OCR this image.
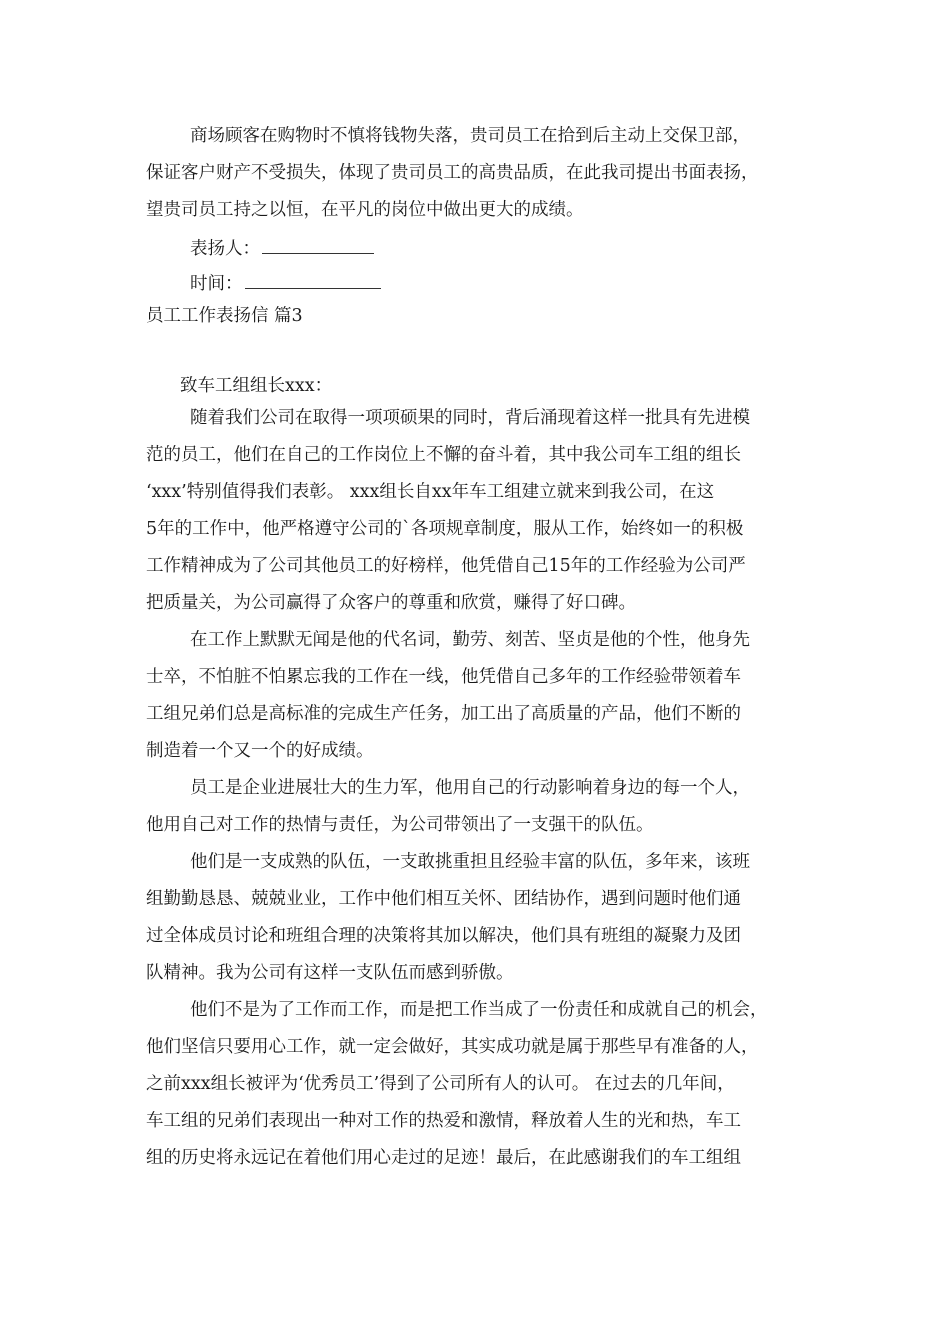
商场顾客在购物时不慎将钱物失落，贵司员工在拾到后主动上交保卫部，
保证客户财产不受损失，体现了贵司员工的高贵品质，在此我司提出书面表扬，
望贵司员工持之以恒，在平凡的岗位中做出更大的成绩。
表扬人：
时间：
员工工作表扬信 篇3
致车工组组长xxx：
随着我们公司在取得一项项硕果的同时，背后涌现着这样一批具有先进模
范的员工，他们在自己的工作岗位上不懈的奋斗着，其中我公司车工组的组长
‘xxx’特别值得我们表彰。 xxx组长自xx年车工组建立就来到我公司，在这
5年的工作中，他严格遵守公司的`各项规章制度，服从工作，始终如一的积极
工作精神成为了公司其他员工的好榜样，他凭借自己15年的工作经验为公司严
把质量关，为公司赢得了众客户的尊重和欣赏，赚得了好口碑。
在工作上默默无闻是他的代名词，勤劳、刻苦、坚贞是他的个性，他身先
士卒，不怕脏不怕累忘我的工作在一线，他凭借自己多年的工作经验带领着车
工组兄弟们总是高标准的完成生产任务，加工出了高质量的产品，他们不断的
制造着一个又一个的好成绩。
员工是企业进展壮大的生力军，他用自己的行动影响着身边的每一个人，
他用自己对工作的热情与责任，为公司带领出了一支强干的队伍。
他们是一支成熟的队伍，一支敢挑重担且经验丰富的队伍，多年来，该班
组勤勤恳恳、兢兢业业，工作中他们相互关怀、团结协作，遇到问题时他们通
过全体成员讨论和班组合理的决策将其加以解决，他们具有班组的凝聚力及团
队精神。我为公司有这样一支队伍而感到骄傲。
他们不是为了工作而工作，而是把工作当成了一份责任和成就自己的机会，
他们坚信只要用心工作，就一定会做好，其实成功就是属于那些早有准备的人，
之前xxx组长被评为‘优秀员工’得到了公司所有人的认可。 在过去的几年间，
车工组的兄弟们表现出一种对工作的热爱和激情，释放着人生的光和热，车工
组的历史将永远记在着他们用心走过的足迹！最后，在此感谢我们的车工组组
